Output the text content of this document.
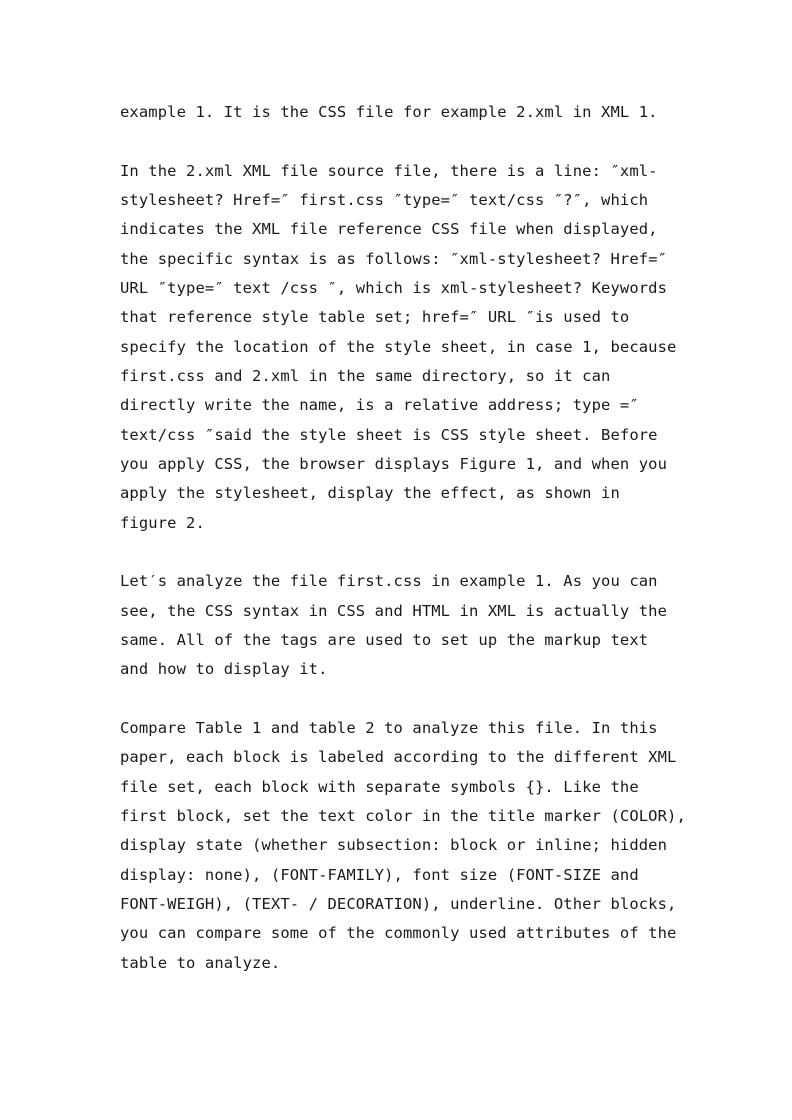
example 1. It is the CSS file for example 2.xml in XML 1.
In the 2.xml XML file source file, there is a line: ″xml-
stylesheet? Href=″ first.css ″type=″ text/css ″?″, which
indicates the XML file reference CSS file when displayed,
the specific syntax is as follows: ″xml-stylesheet? Href=″
URL ″type=″ text /css ″, which is xml-stylesheet? Keywords
that reference style table set; href=″ URL ″is used to
specify the location of the style sheet, in case 1, because
first.css and 2.xml in the same directory, so it can
directly write the name, is a relative address; type =″
text/css ″said the style sheet is CSS style sheet. Before
you apply CSS, the browser displays Figure 1, and when you
apply the stylesheet, display the effect, as shown in
figure 2.
Let′s analyze the file first.css in example 1. As you can
see, the CSS syntax in CSS and HTML in XML is actually the
same. All of the tags are used to set up the markup text
and how to display it.
Compare Table 1 and table 2 to analyze this file. In this
paper, each block is labeled according to the different XML
file set, each block with separate symbols {}. Like the
first block, set the text color in the title marker (COLOR),
display state (whether subsection: block or inline; hidden
display: none), (FONT-FAMILY), font size (FONT-SIZE and
FONT-WEIGH), (TEXT- / DECORATION), underline. Other blocks,
you can compare some of the commonly used attributes of the
table to analyze.
